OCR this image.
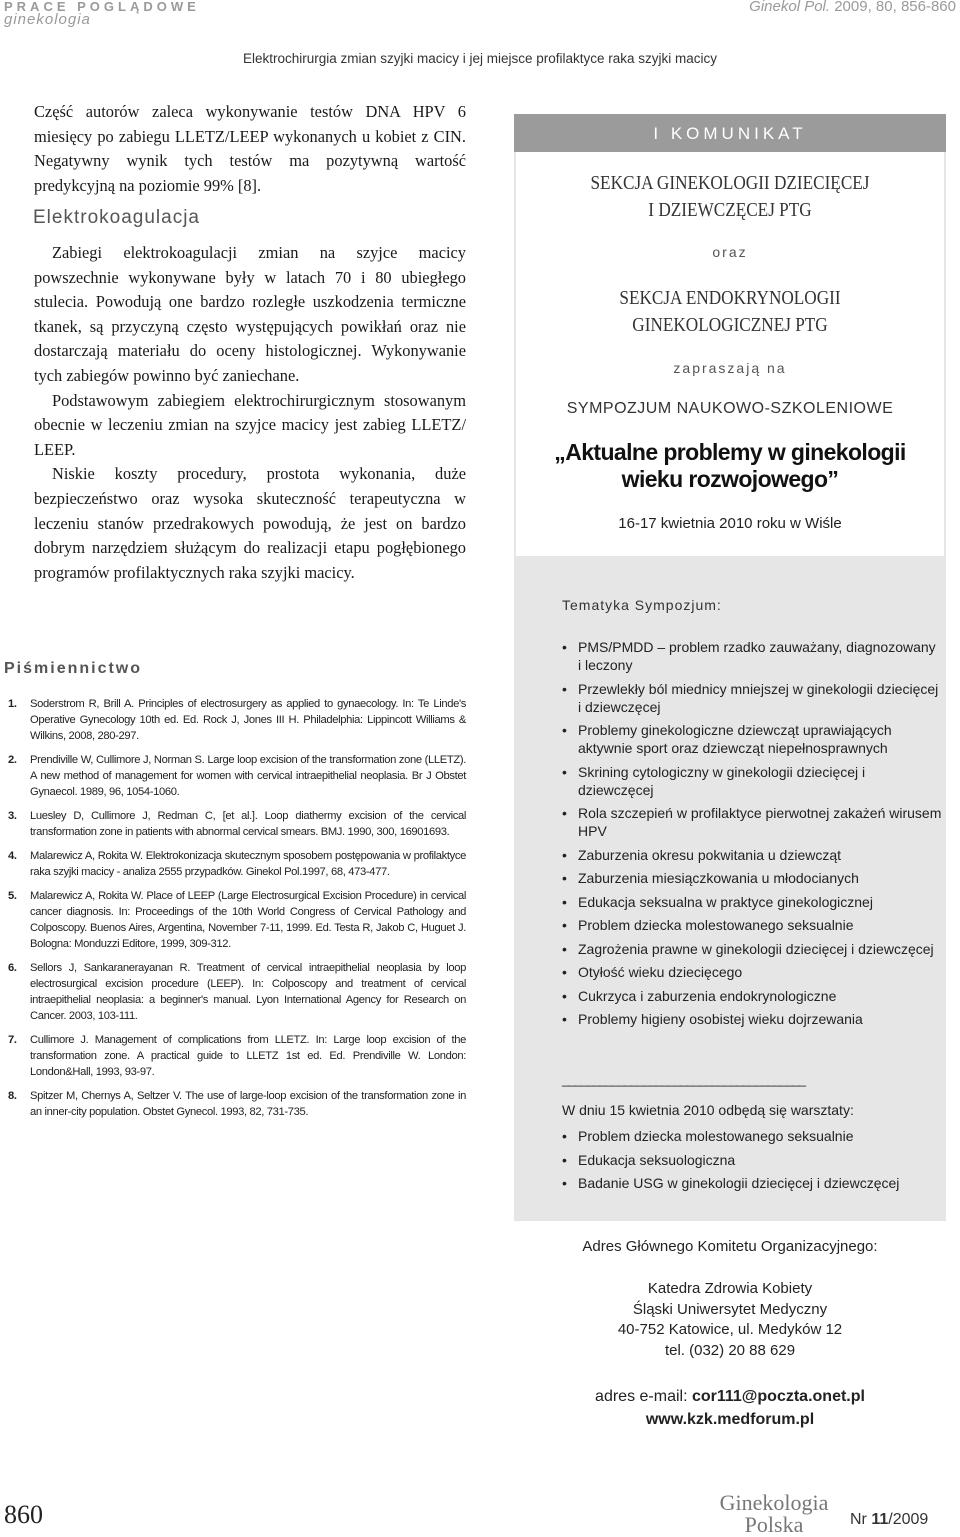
PRACE POGLĄDOWE
ginekologia
Ginekol Pol. 2009, 80, 856-860
Elektrochirurgia zmian szyjki macicy i jej miejsce profilaktyce raka szyjki macicy

Część autorów zaleca wykonywanie testów DNA HPV 6 miesięcy po zabiegu LLETZ/LEEP wykonanych u kobiet z CIN. Negatywny wynik tych testów ma pozytywną wartość predykcyjną na poziomie 99% [8].

Elektrokoagulacja

Zabiegi elektrokoagulacji zmian na szyjce macicy powszechnie wykonywane były w latach 70 i 80 ubiegłego stulecia. Powodują one bardzo rozległe uszkodzenia termiczne tkanek, są przyczyną często występujących powikłań oraz nie dostarczają materiału do oceny histologicznej. Wykonywanie tych zabiegów powinno być zaniechane.

Podstawowym zabiegiem elektrochirurgicznym stosowanym obecnie w leczeniu zmian na szyjce macicy jest zabieg LLETZ/ LEEP.

Niskie koszty procedury, prostota wykonania, duże bezpieczeństwo oraz wysoka skuteczność terapeutyczna w leczeniu stanów przedrakowych powodują, że jest on bardzo dobrym narzędziem służącym do realizacji etapu pogłębionego programów profilaktycznych raka szyjki macicy.

Piśmiennictwo
1. Soderstrom R, Brill A. Principles of electrosurgery as applied to gynaecology. In: Te Linde's Operative Gynecology 10th ed. Ed. Rock J, Jones III H. Philadelphia: Lippincott Williams & Wilkins, 2008, 280-297.
2. Prendiville W, Cullimore J, Norman S. Large loop excision of the transformation zone (LLETZ). A new method of management for women with cervical intraepithelial neoplasia. Br J Obstet Gynaecol. 1989, 96, 1054-1060.
3. Luesley D, Cullimore J, Redman C, [et al.]. Loop diathermy excision of the cervical transformation zone in patients with abnormal cervical smears. BMJ. 1990, 300, 16901693.
4. Malarewicz A, Rokita W. Elektrokonizacja skutecznym sposobem postępowania w profilaktyce raka szyjki macicy - analiza 2555 przypadków. Ginekol Pol.1997, 68, 473-477.
5. Malarewicz A, Rokita W. Place of LEEP (Large Electrosurgical Excision Procedure) in cervical cancer diagnosis. In: Proceedings of the 10th World Congress of Cervical Pathology and Colposcopy. Buenos Aires, Argentina, November 7-11, 1999. Ed. Testa R, Jakob C, Huguet J. Bologna: Monduzzi Editore, 1999, 309-312.
6. Sellors J, Sankaranerayanan R. Treatment of cervical intraepithelial neoplasia by loop electrosurgical excision procedure (LEEP). In: Colposcopy and treatment of cervical intraepithelial neoplasia: a beginner's manual. Lyon International Agency for Research on Cancer. 2003, 103-111.
7. Cullimore J. Management of complications from LLETZ. In: Large loop excision of the transformation zone. A practical guide to LLETZ 1st ed. Ed. Prendiville W. London: London&Hall, 1993, 93-97.
8. Spitzer M, Chernys A, Seltzer V. The use of large-loop excision of the transformation zone in an inner-city population. Obstet Gynecol. 1993, 82, 731-735.
I KOMUNIKAT
SEKCJA GINEKOLOGII DZIECIĘCEJ
I DZIEWCZĘCEJ PTG
oraz
SEKCJA ENDOKRYNOLOGII
GINEKOLOGICZNEJ PTG
zapraszają na
SYMPOZJUM NAUKOWO-SZKOLENIOWE
„Aktualne problemy w ginekologii
wieku rozwojowego”
16-17 kwietnia 2010 roku w Wiśle
Tematyka Sympozjum:
• PMS/PMDD – problem rzadko zauważany, diagnozowany i leczony
• Przewlekły ból miednicy mniejszej w ginekologii dziecięcej i dziewczęcej
• Problemy ginekologiczne dziewcząt uprawiających aktywnie sport oraz dziewcząt niepełnosprawnych
• Skrining cytologiczny w ginekologii dziecięcej i dziewczęcej
• Rola szczepień w profilaktyce pierwotnej zakażeń wirusem HPV
• Zaburzenia okresu pokwitania u dziewcząt
• Zaburzenia miesiączkowania u młodocianych
• Edukacja seksualna w praktyce ginekologicznej
• Problem dziecka molestowanego seksualnie
• Zagrożenia prawne w ginekologii dziecięcej i dziewczęcej
• Otyłość wieku dziecięcego
• Cukrzyca i zaburzenia endokrynologiczne
• Problemy higieny osobistej wieku dojrzewania
_______________________________________
W dniu 15 kwietnia 2010 odbędą się warsztaty:
• Problem dziecka molestowanego seksualnie
• Edukacja seksuologiczna
• Badanie USG w ginekologii dziecięcej i dziewczęcej
Adres Głównego Komitetu Organizacyjnego:
Katedra Zdrowia Kobiety
Śląski Uniwersytet Medyczny
40-752 Katowice, ul. Medyków 12
tel. (032) 20 88 629
adres e-mail: cor111@poczta.onet.pl
www.kzk.medforum.pl
860	Ginekologia
Polska	Nr 11/2009
